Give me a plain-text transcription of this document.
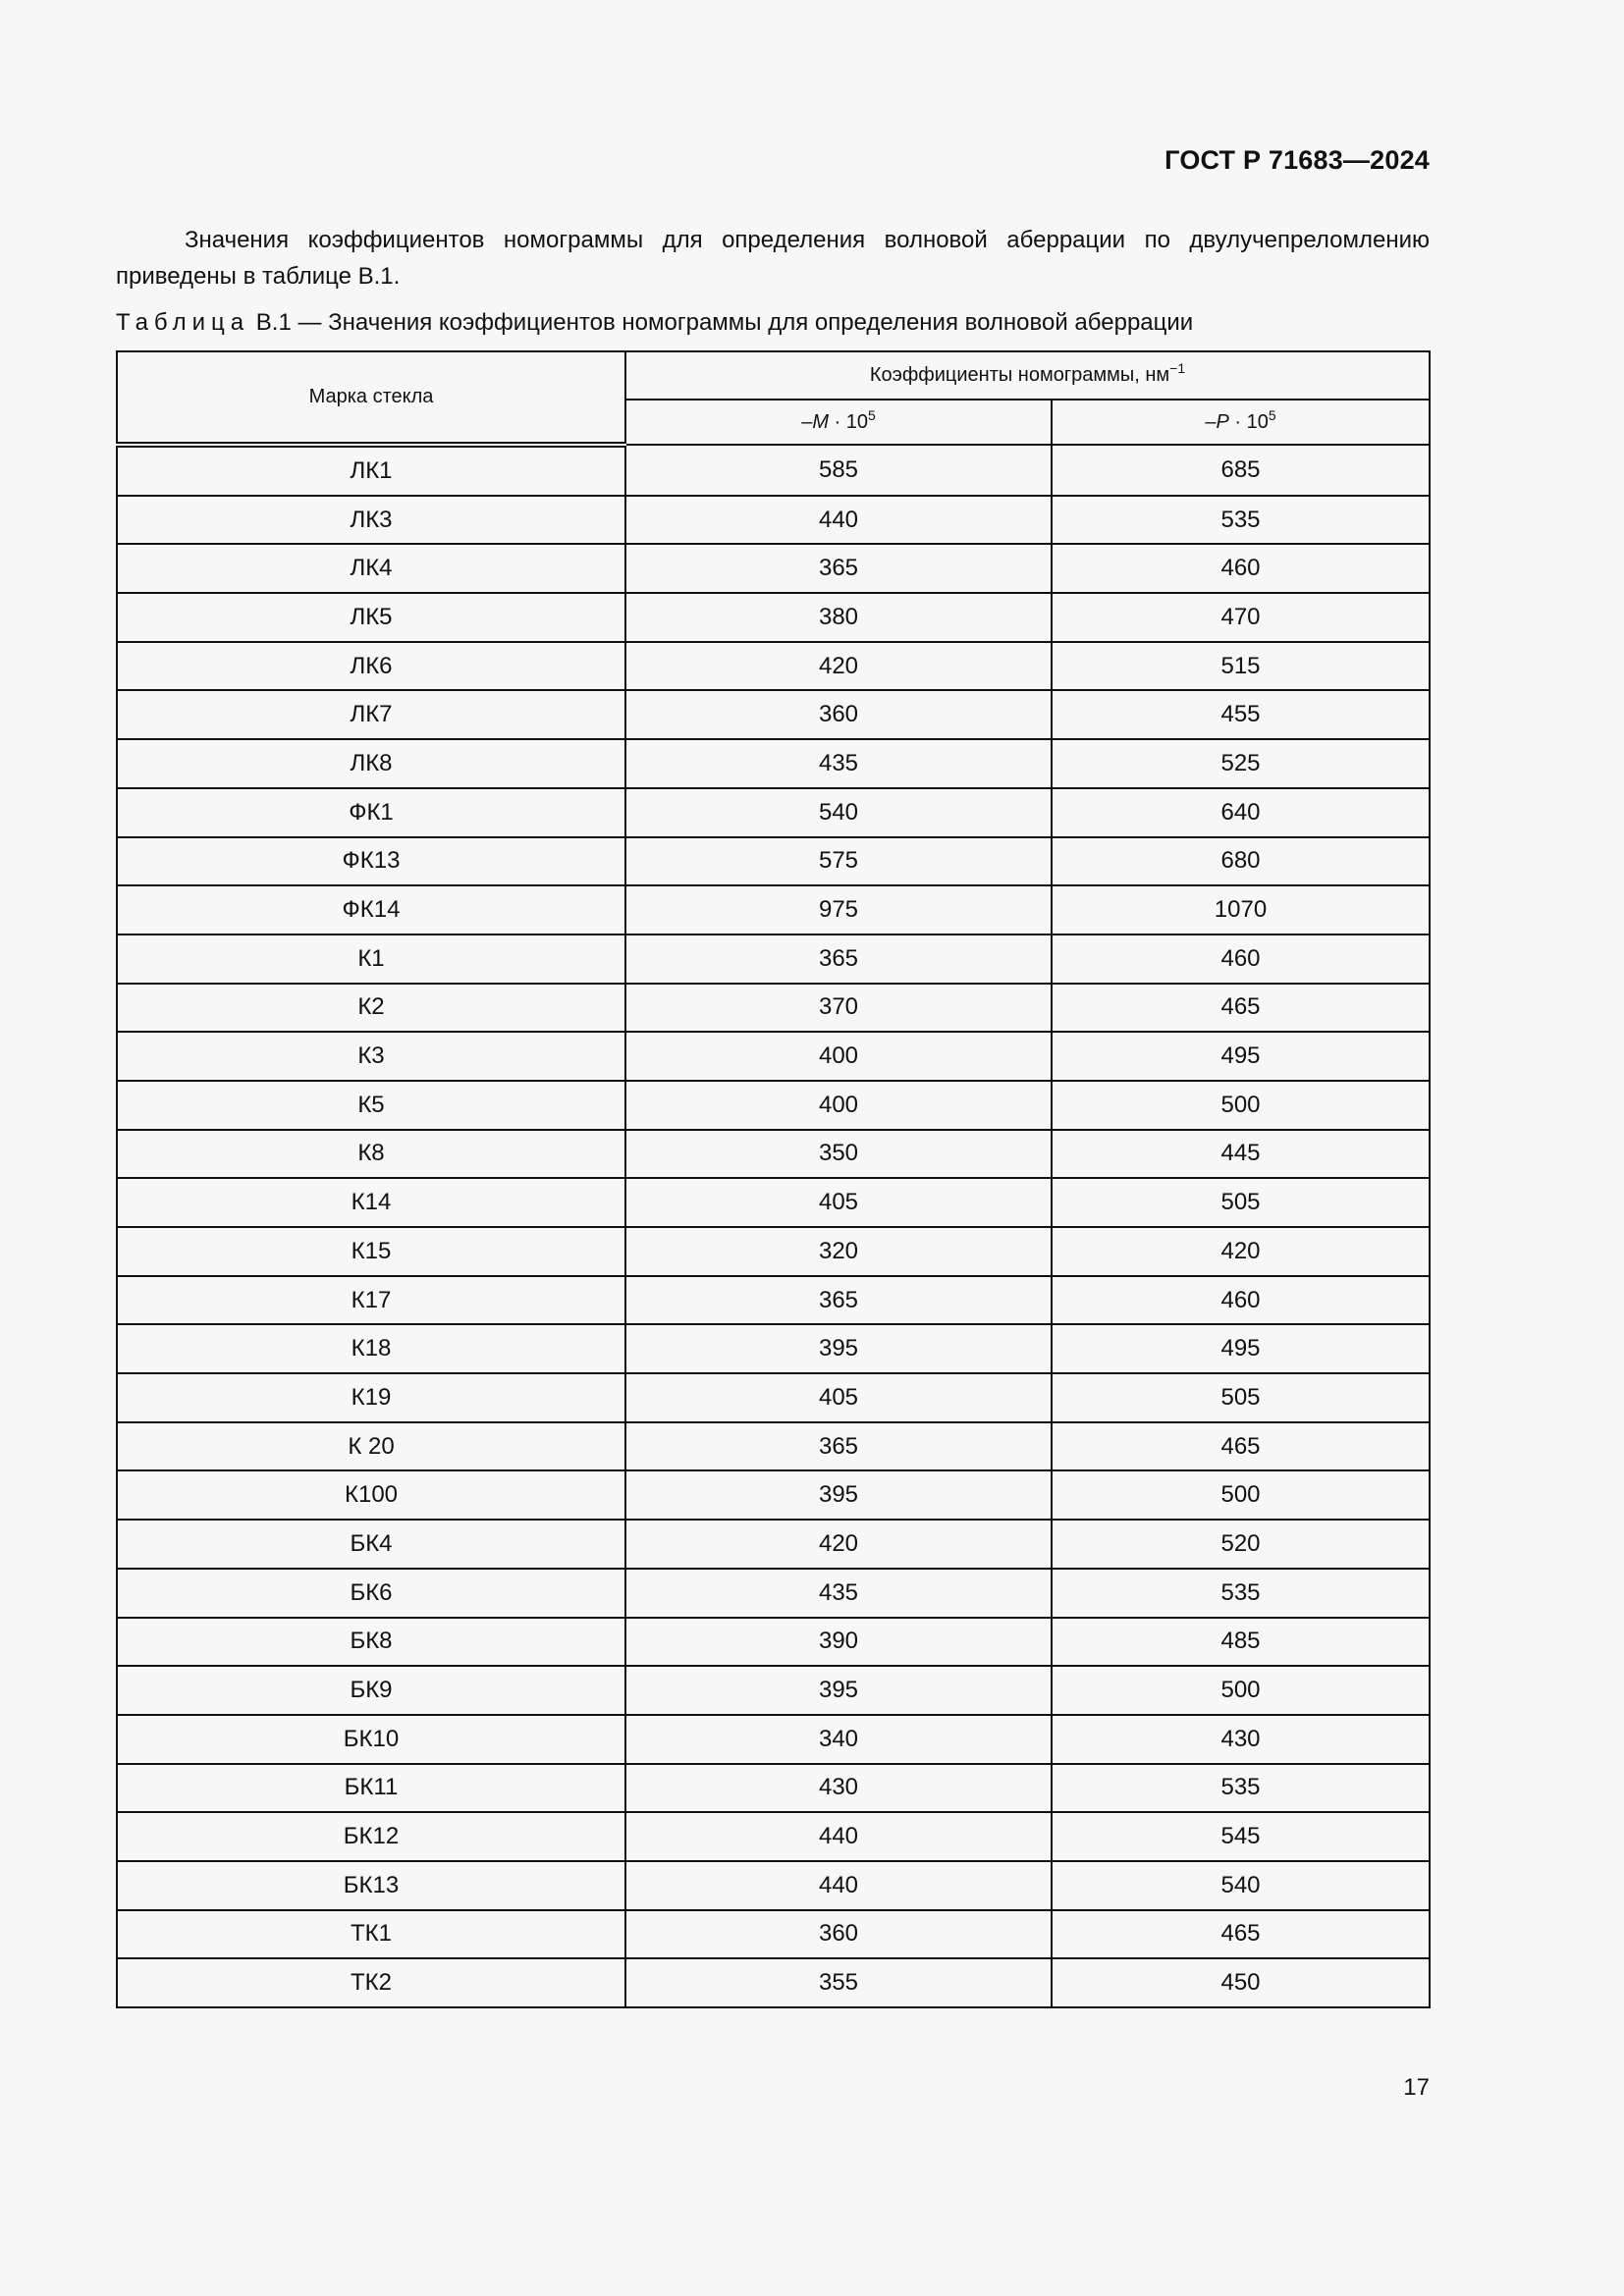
ГОСТ Р 71683—2024
Значения коэффициентов номограммы для определения волновой аберрации по двулучепреломлению приведены в таблице В.1.
Таблица В.1 — Значения коэффициентов номограммы для определения волновой аберрации
Марка стекла	Коэффициенты номограммы, $нм^{-1}$
	$-M \cdot 10^5$	$-P \cdot 10^5$
ЛК1	585	685
ЛК3	440	535
ЛК4	365	460
ЛК5	380	470
ЛК6	420	515
ЛК7	360	455
ЛК8	435	525
ФК1	540	640
ФК13	575	680
ФК14	975	1070
К1	365	460
К2	370	465
К3	400	495
К5	400	500
К8	350	445
К14	405	505
К15	320	420
К17	365	460
К18	395	495
К19	405	505
К 20	365	465
К100	395	500
БК4	420	520
БК6	435	535
БК8	390	485
БК9	395	500
БК10	340	430
БК11	430	535
БК12	440	545
БК13	440	540
ТК1	360	465
ТК2	355	450
17
